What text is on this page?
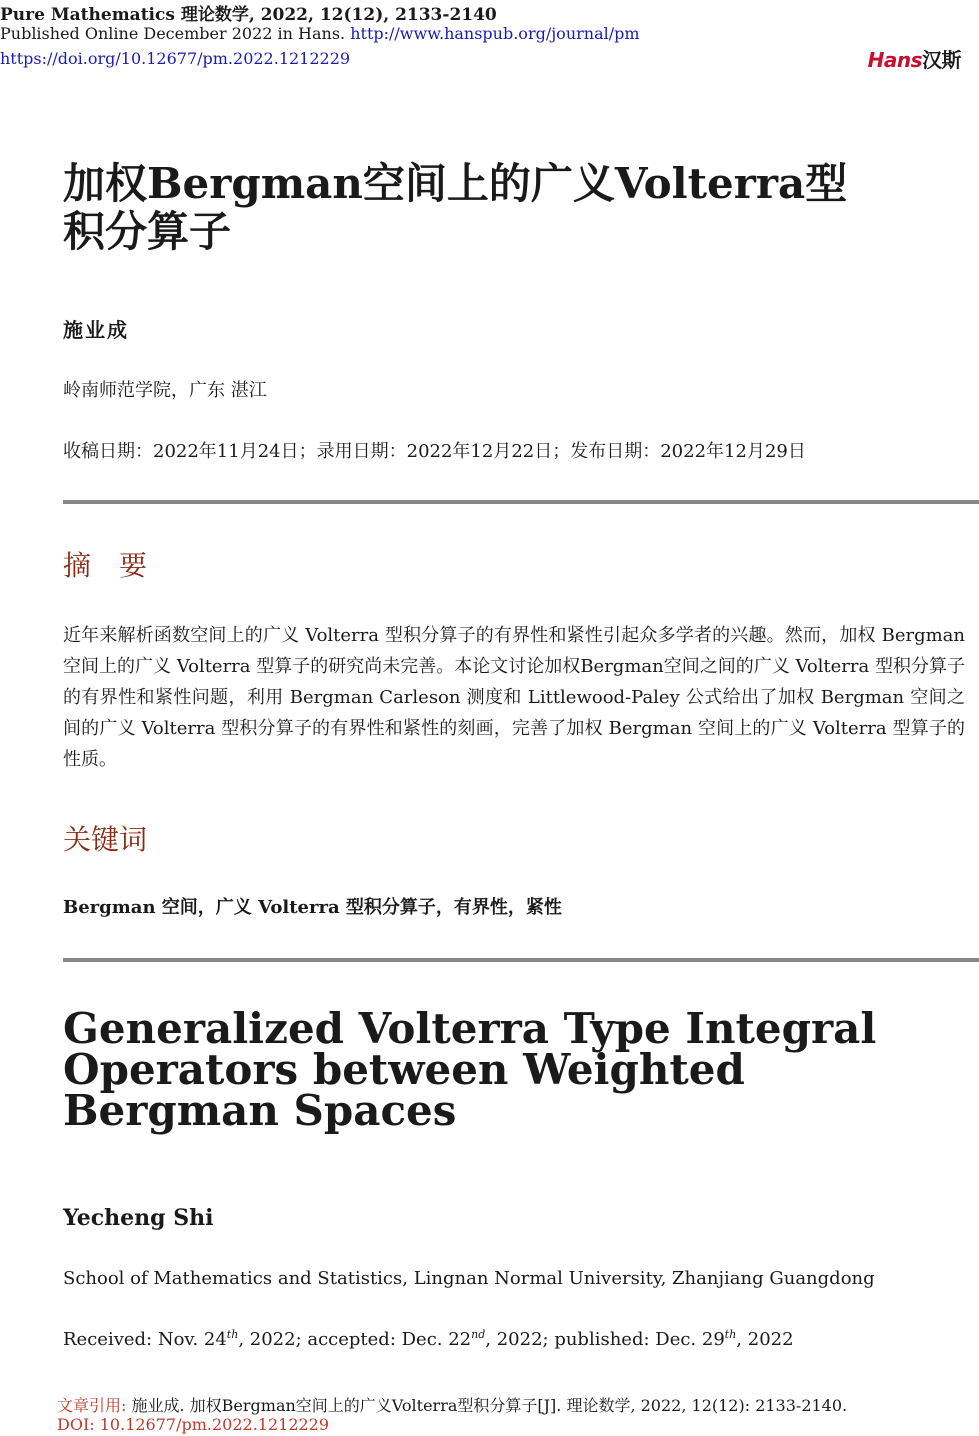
Pure Mathematics 理论数学, 2022, 12(12), 2133-2140
Published Online December 2022 in Hans. http://www.hanspub.org/journal/pm
https://doi.org/10.12677/pm.2022.1212229	Hans汉斯
加权Bergman空间上的广义Volterra型积分算子
施业成
岭南师范学院，广东 湛江
收稿日期：2022年11月24日；录用日期：2022年12月22日；发布日期：2022年12月29日
摘　要
近年来解析函数空间上的广义 Volterra 型积分算子的有界性和紧性引起众多学者的兴趣。然而，加权 Bergman 空间上的广义 Volterra 型算子的研究尚未完善。本论文讨论加权Bergman空间之间的广义 Volterra 型积分算子的有界性和紧性问题，利用 Bergman Carleson 测度和 Littlewood-Paley 公式给出了加权 Bergman 空间之间的广义 Volterra 型积分算子的有界性和紧性的刻画，完善了加权 Bergman 空间上的广义 Volterra 型算子的性质。
关键词
Bergman 空间，广义 Volterra 型积分算子，有界性，紧性
Generalized Volterra Type Integral Operators between Weighted Bergman Spaces
Yecheng Shi
School of Mathematics and Statistics, Lingnan Normal University, Zhanjiang Guangdong
Received: Nov. 24th, 2022; accepted: Dec. 22nd, 2022; published: Dec. 29th, 2022
文章引用: 施业成. 加权Bergman空间上的广义Volterra型积分算子[J]. 理论数学, 2022, 12(12): 2133-2140.
DOI: 10.12677/pm.2022.1212229
